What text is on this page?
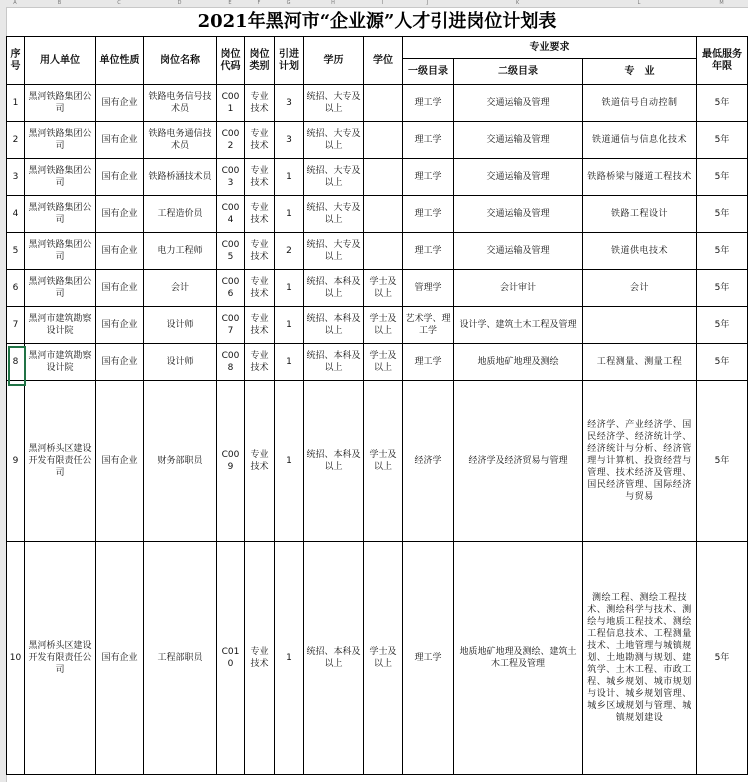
A	B	C	D	E	F	G	H	I	J	K	L	M
2021年黑河市“企业源”人才引进岗位计划表
序号	用人单位	单位性质	岗位名称	岗位代码	岗位类别	引进计划	学历	学位	专业要求			最低服务年限
									一级目录	二级目录	专　业	
1	黑河铁路集团公司	国有企业	铁路电务信号技术员	C001	专业技术	3	统招、大专及以上		理工学	交通运输及管理	铁道信号自动控制	5年
2	黑河铁路集团公司	国有企业	铁路电务通信技术员	C002	专业技术	3	统招、大专及以上		理工学	交通运输及管理	铁道通信与信息化技术	5年
3	黑河铁路集团公司	国有企业	铁路桥涵技术员	C003	专业技术	1	统招、大专及以上		理工学	交通运输及管理	铁路桥梁与隧道工程技术	5年
4	黑河铁路集团公司	国有企业	工程造价员	C004	专业技术	1	统招、大专及以上		理工学	交通运输及管理	铁路工程设计	5年
5	黑河铁路集团公司	国有企业	电力工程师	C005	专业技术	2	统招、大专及以上		理工学	交通运输及管理	铁道供电技术	5年
6	黑河铁路集团公司	国有企业	会计	C006	专业技术	1	统招、本科及以上	学士及以上	管理学	会计审计	会计	5年
7	黑河市建筑勘察设计院	国有企业	设计师	C007	专业技术	1	统招、本科及以上	学士及以上	艺术学、理工学	设计学、建筑土木工程及管理		5年
8	黑河市建筑勘察设计院	国有企业	设计师	C008	专业技术	1	统招、本科及以上	学士及以上	理工学	地质地矿地理及测绘	工程测量、测量工程	5年
9	黑河桥头区建设开发有限责任公司	国有企业	财务部职员	C009	专业技术	1	统招、本科及以上	学士及以上	经济学	经济学及经济贸易与管理	经济学、产业经济学、国民经济学、经济统计学、经济统计与分析、经济管理与计算机、投资经营与管理、技术经济及管理、国民经济管理、国际经济与贸易	5年
10	黑河桥头区建设开发有限责任公司	国有企业	工程部职员	C010	专业技术	1	统招、本科及以上	学士及以上	理工学	地质地矿地理及测绘、建筑土木工程及管理	测绘工程、测绘工程技术、测绘科学与技术、测绘与地质工程技术、测绘工程信息技术、工程测量技术、土地管理与城镇规划、土地勘测与规划、建筑学、土木工程、市政工程、城乡规划、城市规划与设计、城乡规划管理、城乡区域规划与管理、城镇规划建设	5年
